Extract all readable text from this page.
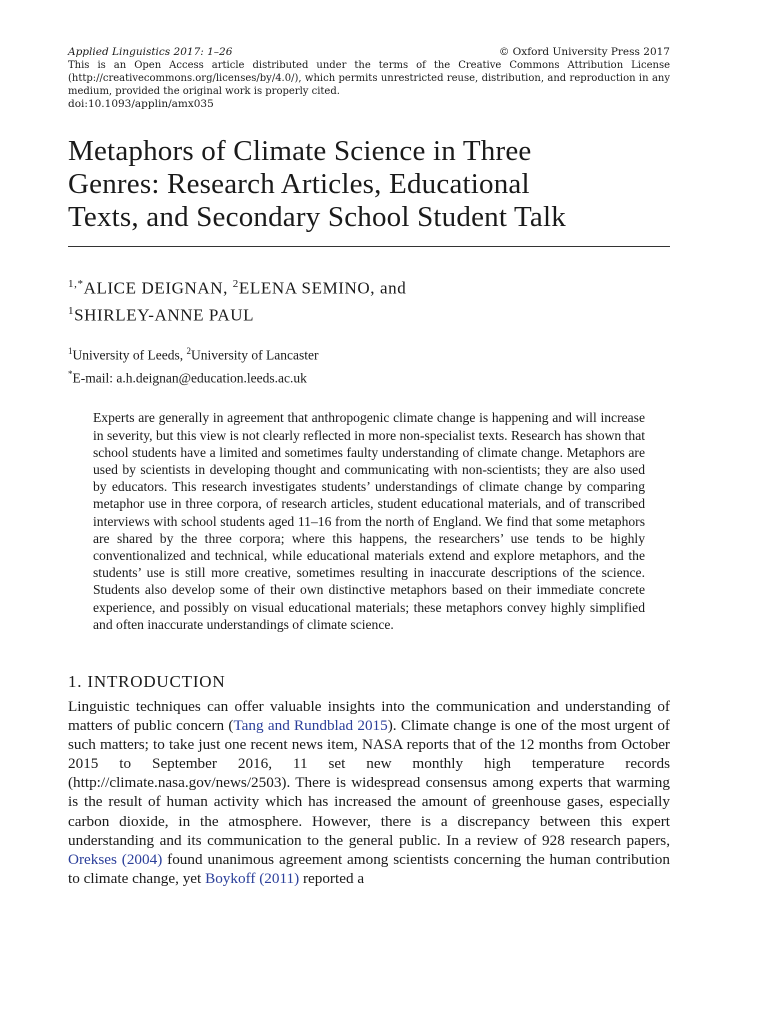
Applied Linguistics 2017: 1–26	© Oxford University Press 2017

This is an Open Access article distributed under the terms of the Creative Commons Attribution License (http://creativecommons.org/licenses/by/4.0/), which permits unrestricted reuse, distribution, and reproduction in any medium, provided the original work is properly cited.

doi:10.1093/applin/amx035
Metaphors of Climate Science in Three
Genres: Research Articles, Educational
Texts, and Secondary School Student Talk
$^{1,*}$ALICE DEIGNAN, $^2$ELENA SEMINO, and
$^1$SHIRLEY-ANNE PAUL
$^1$University of Leeds, $^2$University of Lancaster
*E-mail: a.h.deignan@education.leeds.ac.uk

Experts are generally in agreement that anthropogenic climate change is happening and will increase in severity, but this view is not clearly reflected in more non-specialist texts. Research has shown that school students have a limited and sometimes faulty understanding of climate change. Metaphors are used by scientists in developing thought and communicating with non-scientists; they are also used by educators. This research investigates students’ understandings of climate change by comparing metaphor use in three corpora, of research articles, student educational materials, and of transcribed interviews with school students aged 11–16 from the north of England. We find that some metaphors are shared by the three corpora; where this happens, the researchers’ use tends to be highly conventionalized and technical, while educational materials extend and explore metaphors, and the students’ use is still more creative, sometimes resulting in inaccurate descriptions of the science. Students also develop some of their own distinctive metaphors based on their immediate concrete experience, and possibly on visual educational materials; these metaphors convey highly simplified and often inaccurate understandings of climate science.

1. INTRODUCTION

Linguistic techniques can offer valuable insights into the communication and understanding of matters of public concern (Tang and Rundblad 2015). Climate change is one of the most urgent of such matters; to take just one recent news item, NASA reports that of the 12 months from October 2015 to September 2016, 11 set new monthly high temperature records (http://climate.nasa.gov/news/2503). There is widespread consensus among experts that warming is the result of human activity which has increased the amount of greenhouse gases, especially carbon dioxide, in the atmosphere. However, there is a discrepancy between this expert understanding and its communication to the general public. In a review of 928 research papers, Orekses (2004) found unanimous agreement among scientists concerning the human contribution to climate change, yet Boykoff (2011) reported a
